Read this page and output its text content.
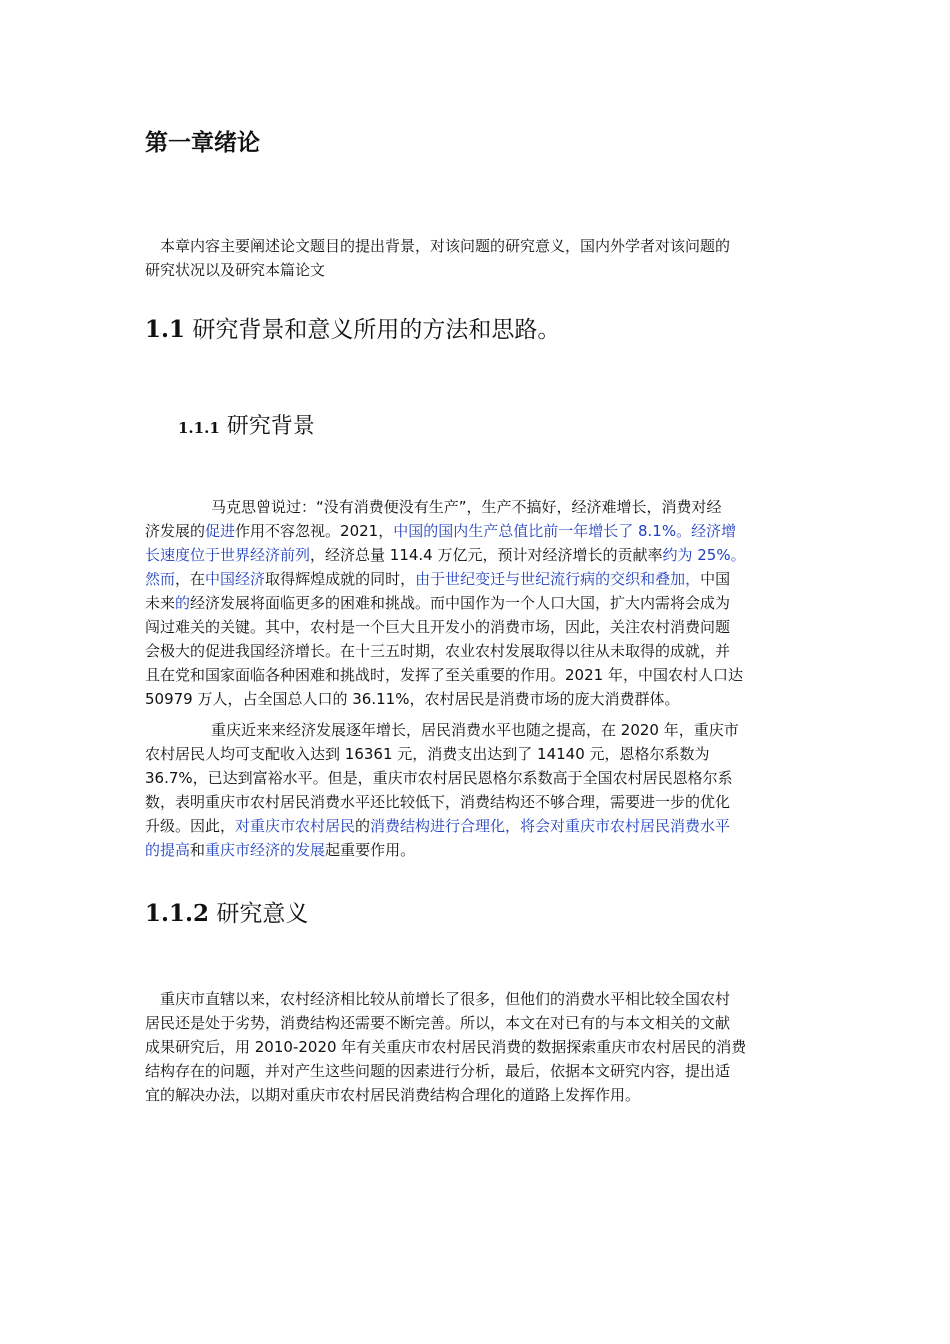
第一章绪论

本章内容主要阐述论文题目的提出背景，对该问题的研究意义，国内外学者对该问题的
研究状况以及研究本篇论文

1.1 研究背景和意义所用的方法和思路。
1.1.1 研究背景

马克思曾说过：“没有消费便没有生产”，生产不搞好，经济难增长，消费对经
济发展的促进作用不容忽视。2021，中国的国内生产总值比前一年增长了 8.1%。经济增
长速度位于世界经济前列，经济总量 114.4 万亿元，预计对经济增长的贡献率约为 25%。
然而，在中国经济取得辉煌成就的同时，由于世纪变迁与世纪流行病的交织和叠加，中国
未来的经济发展将面临更多的困难和挑战。而中国作为一个人口大国，扩大内需将会成为
闯过难关的关键。其中，农村是一个巨大且开发小的消费市场，因此，关注农村消费问题
会极大的促进我国经济增长。在十三五时期，农业农村发展取得以往从未取得的成就，并
且在党和国家面临各种困难和挑战时，发挥了至关重要的作用。2021 年，中国农村人口达
50979 万人，占全国总人口的 36.11%，农村居民是消费市场的庞大消费群体。

重庆近来来经济发展逐年增长，居民消费水平也随之提高，在 2020 年，重庆市
农村居民人均可支配收入达到 16361 元，消费支出达到了 14140 元，恩格尔系数为
36.7%，已达到富裕水平。但是，重庆市农村居民恩格尔系数高于全国农村居民恩格尔系
数，表明重庆市农村居民消费水平还比较低下，消费结构还不够合理，需要进一步的优化
升级。因此，对重庆市农村居民的消费结构进行合理化，将会对重庆市农村居民消费水平
的提高和重庆市经济的发展起重要作用。

1.1.2 研究意义

重庆市直辖以来，农村经济相比较从前增长了很多，但他们的消费水平相比较全国农村
居民还是处于劣势，消费结构还需要不断完善。所以，本文在对已有的与本文相关的文献
成果研究后，用 2010-2020 年有关重庆市农村居民消费的数据探索重庆市农村居民的消费
结构存在的问题，并对产生这些问题的因素进行分析，最后，依据本文研究内容，提出适
宜的解决办法，以期对重庆市农村居民消费结构合理化的道路上发挥作用。
